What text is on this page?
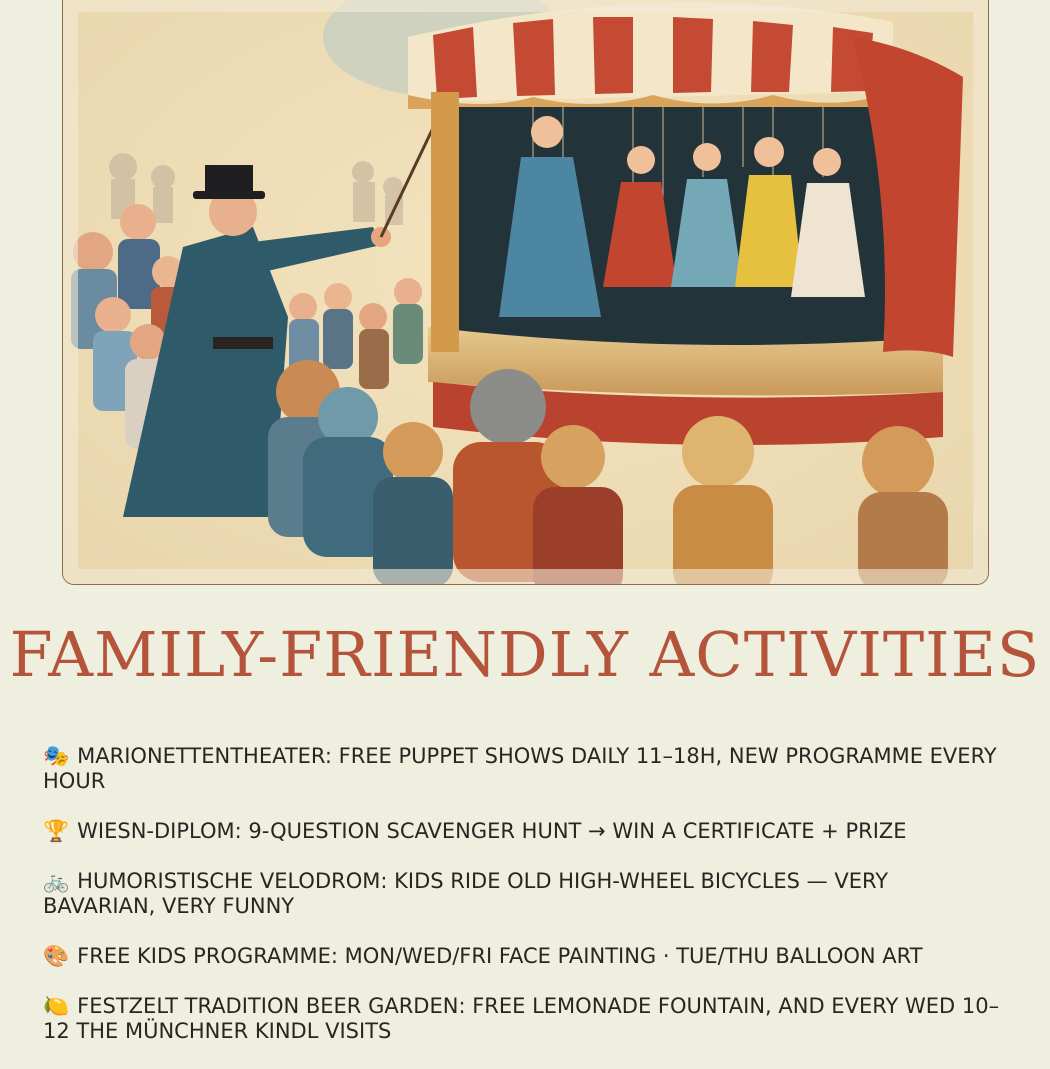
FAMILY-FRIENDLY ACTIVITIES
🎭 MARIONETTENTHEATER: FREE PUPPET SHOWS DAILY 11–18H, NEW PROGRAMME EVERY HOUR
🏆 WIESN-DIPLOM: 9-QUESTION SCAVENGER HUNT → WIN A CERTIFICATE + PRIZE
🚲 HUMORISTISCHE VELODROM: KIDS RIDE OLD HIGH-WHEEL BICYCLES — VERY BAVARIAN, VERY FUNNY
🎨 FREE KIDS PROGRAMME: MON/WED/FRI FACE PAINTING · TUE/THU BALLOON ART
🍋 FESTZELT TRADITION BEER GARDEN: FREE LEMONADE FOUNTAIN, AND EVERY WED 10–12 THE MÜNCHNER KINDL VISITS
